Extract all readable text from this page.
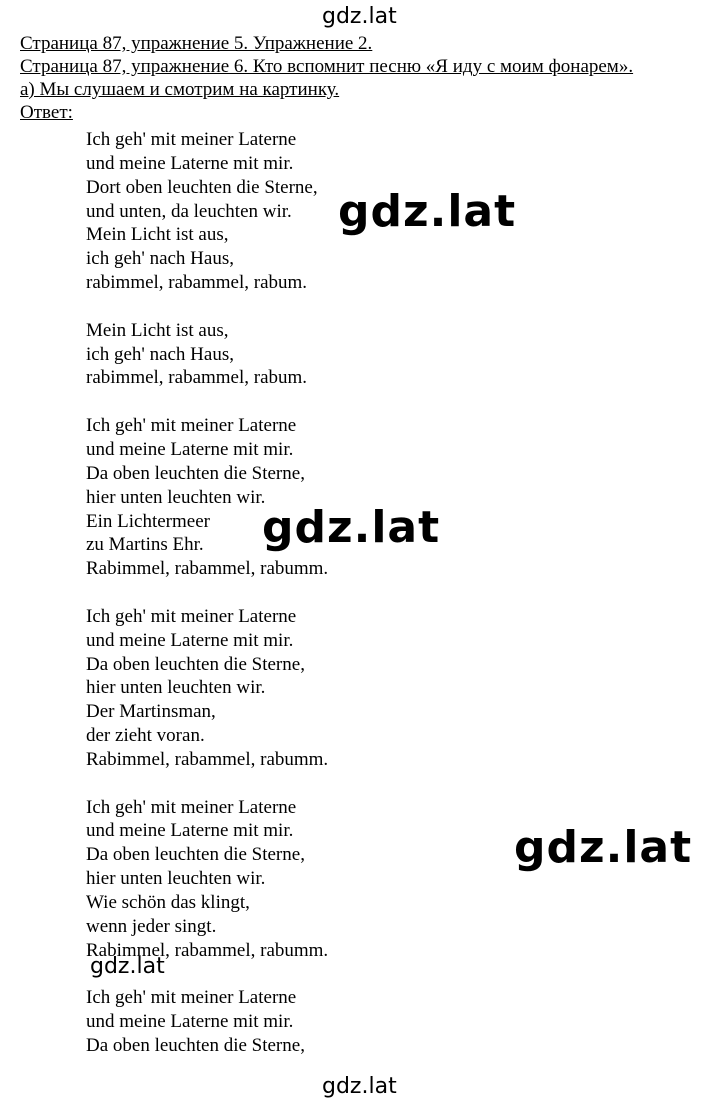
gdz.lat
Страница 87, упражнение 5. Упражнение 2.
Страница 87, упражнение 6. Кто вспомнит песню «Я иду с моим фонарем».
а) Мы слушаем и смотрим на картинку.
Ответ:
Ich geh' mit meiner Laterne
und meine Laterne mit mir.
Dort oben leuchten die Sterne,
und unten, da leuchten wir.
Mein Licht ist aus,
ich geh' nach Haus,
rabimmel, rabammel, rabum.
Mein Licht ist aus,
ich geh' nach Haus,
rabimmel, rabammel, rabum.
Ich geh' mit meiner Laterne
und meine Laterne mit mir.
Da oben leuchten die Sterne,
hier unten leuchten wir.
Ein Lichtermeer
zu Martins Ehr.
Rabimmel, rabammel, rabumm.
Ich geh' mit meiner Laterne
und meine Laterne mit mir.
Da oben leuchten die Sterne,
hier unten leuchten wir.
Der Martinsman,
der zieht voran.
Rabimmel, rabammel, rabumm.
Ich geh' mit meiner Laterne
und meine Laterne mit mir.
Da oben leuchten die Sterne,
hier unten leuchten wir.
Wie schön das klingt,
wenn jeder singt.
Rabimmel, rabammel, rabumm.
Ich geh' mit meiner Laterne
und meine Laterne mit mir.
Da oben leuchten die Sterne,
gdz.lat
gdz.lat
gdz.lat
gdz.lat
gdz.lat
